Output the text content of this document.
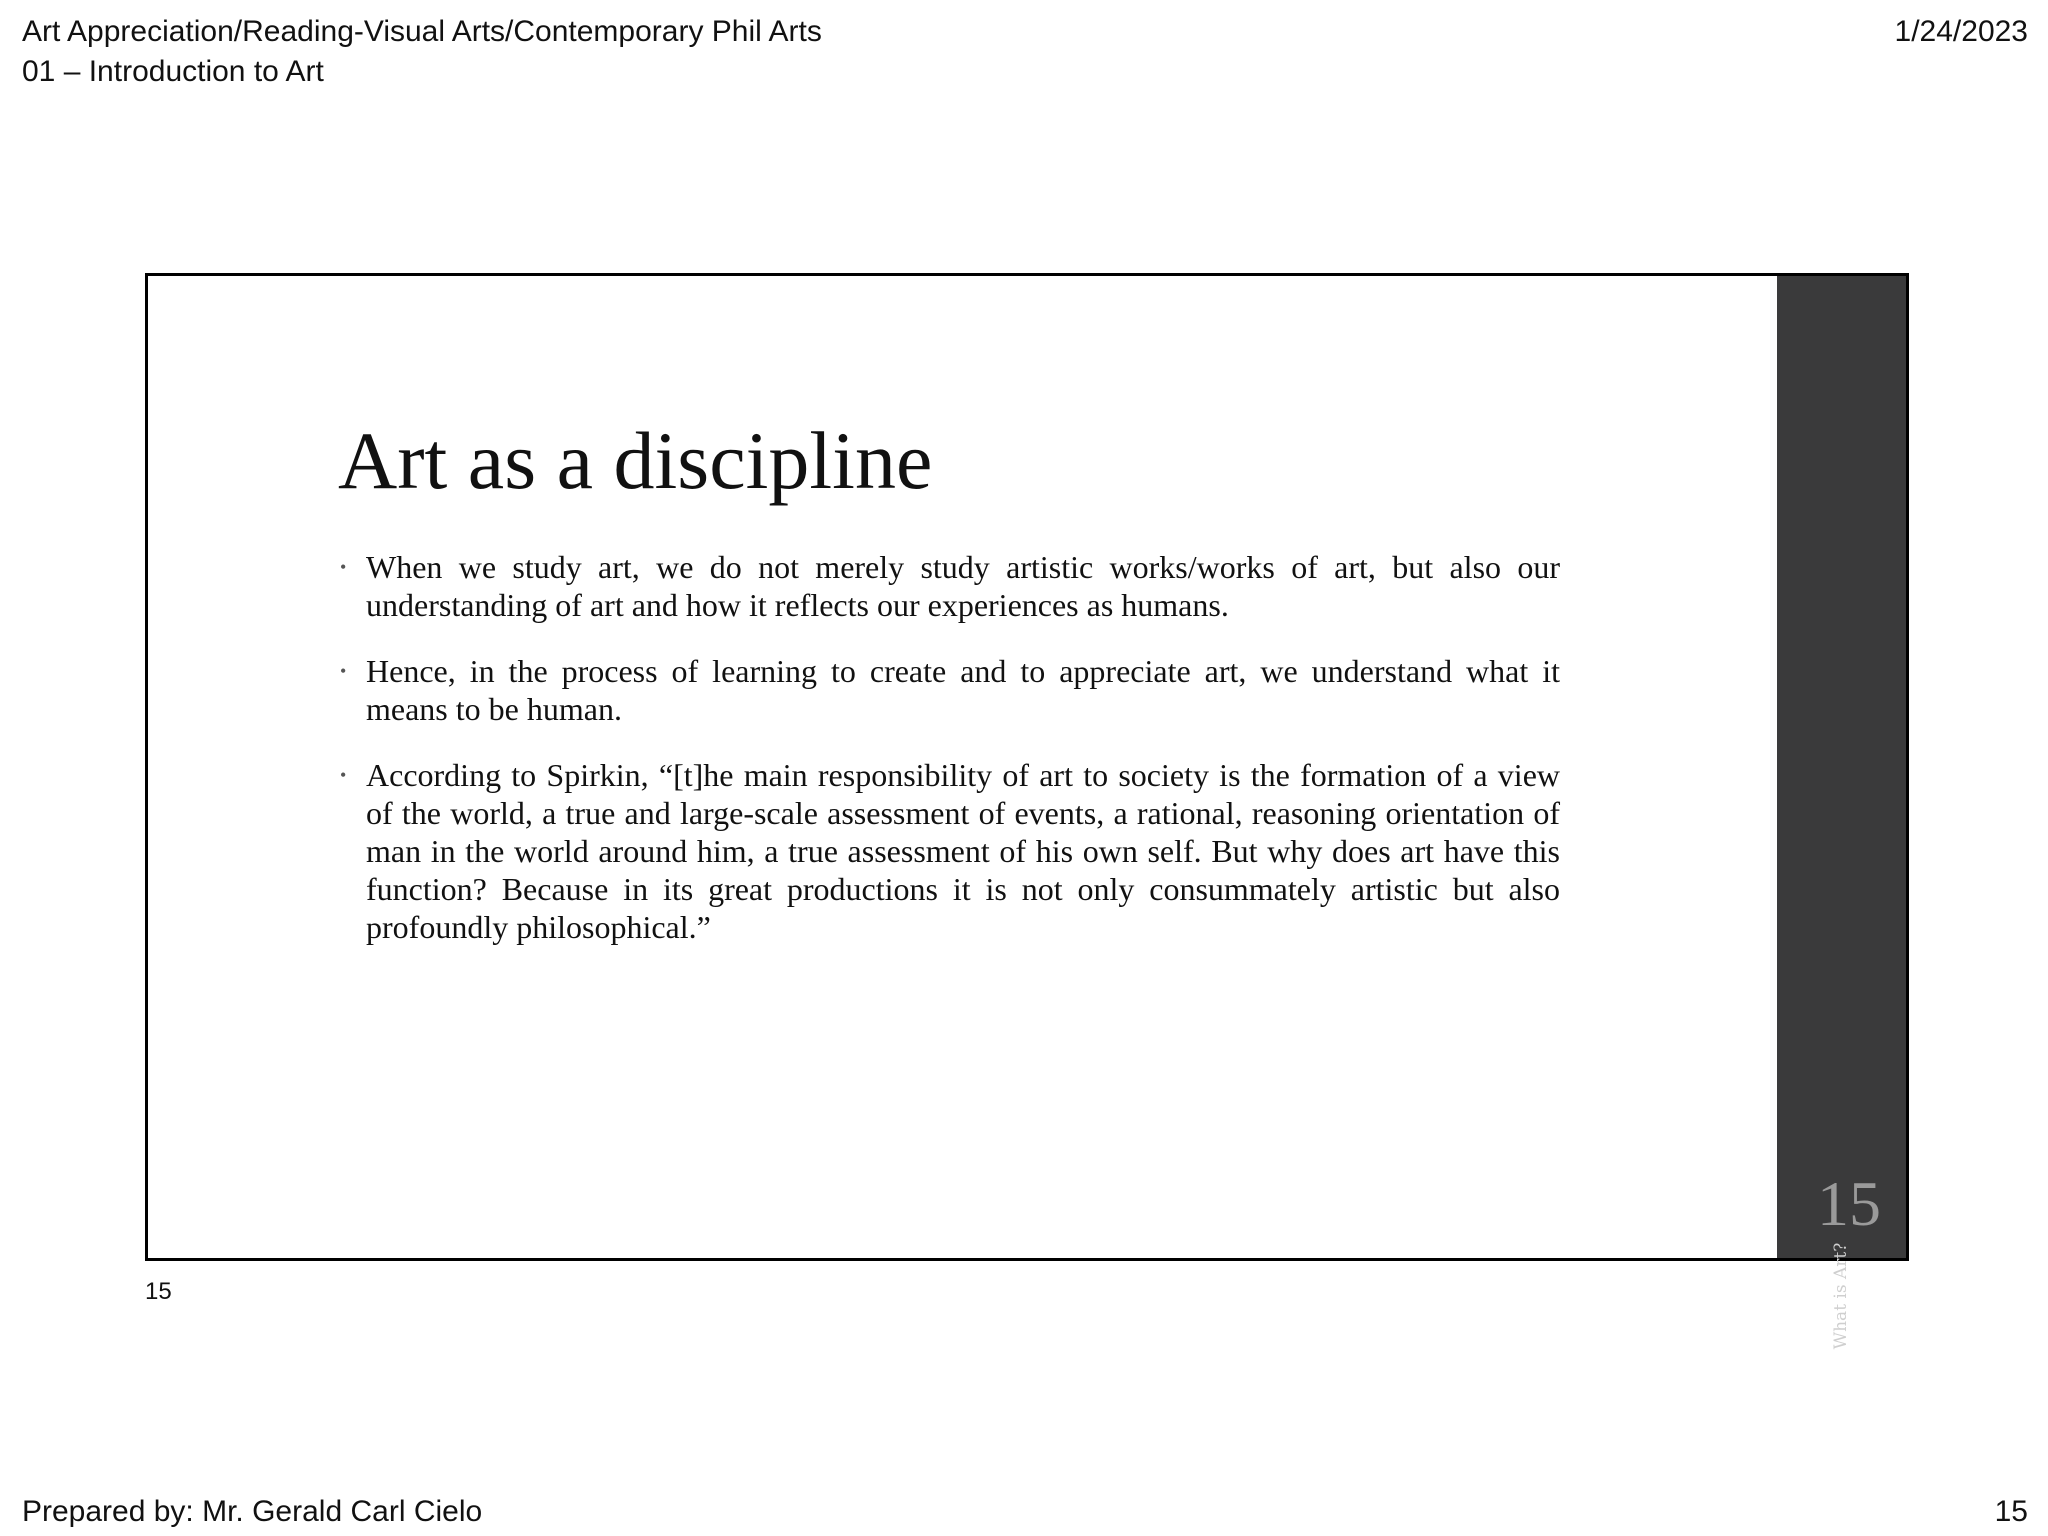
Art Appreciation/Reading-Visual Arts/Contemporary Phil Arts
01 – Introduction to Art
1/24/2023
Art as a discipline
• When we study art, we do not merely study artistic works/works of art, but also our understanding of art and how it reflects our experiences as humans.
• Hence, in the process of learning to create and to appreciate art, we understand what it means to be human.
• According to Spirkin, “[t]he main responsibility of art to society is the formation of a view of the world, a true and large-scale assessment of events, a rational, reasoning orientation of man in the world around him, a true assessment of his own self. But why does art have this function? Because in its great productions it is not only consummately artistic but also profoundly philosophical.”
What is Art?
15
15
Prepared by: Mr. Gerald Carl Cielo	15
